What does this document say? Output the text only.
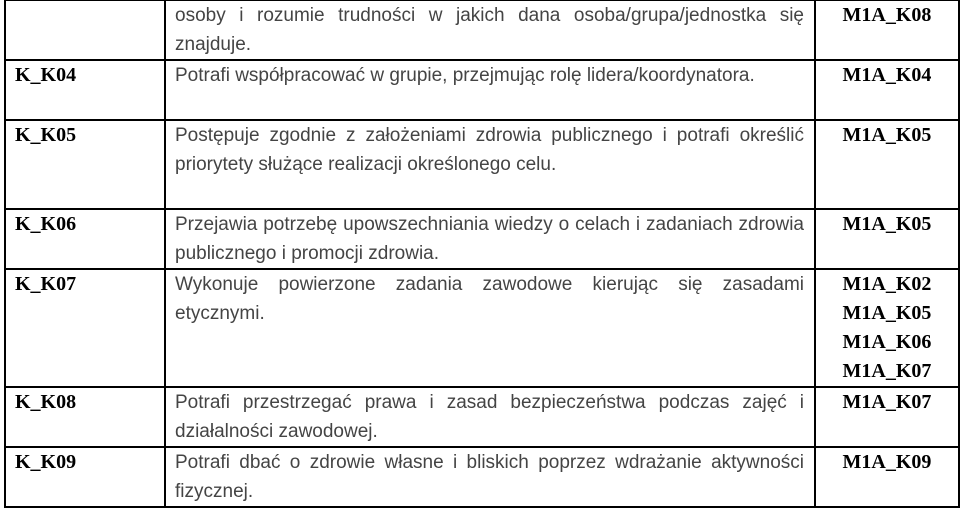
	osoby i rozumie trudności w jakich dana osoba/grupa/jednostka się znajduje.	M1A_K08

K_K04	Potrafi współpracować w grupie, przejmując rolę lidera/koordynatora.	M1A_K04

K_K05	Postępuje zgodnie z założeniami zdrowia publicznego i potrafi określić priorytety służące realizacji określonego celu.	M1A_K05

K_K06	Przejawia potrzebę upowszechniania wiedzy o celach i zadaniach zdrowia publicznego i promocji zdrowia.	M1A_K05

K_K07	Wykonuje powierzone zadania zawodowe kierując się zasadami etycznymi.	M1A_K02
M1A_K05
M1A_K06
M1A_K07

K_K08	Potrafi przestrzegać prawa i zasad bezpieczeństwa podczas zajęć i działalności zawodowej.	M1A_K07

K_K09	Potrafi dbać o zdrowie własne i bliskich poprzez wdrażanie aktywności fizycznej.	M1A_K09
